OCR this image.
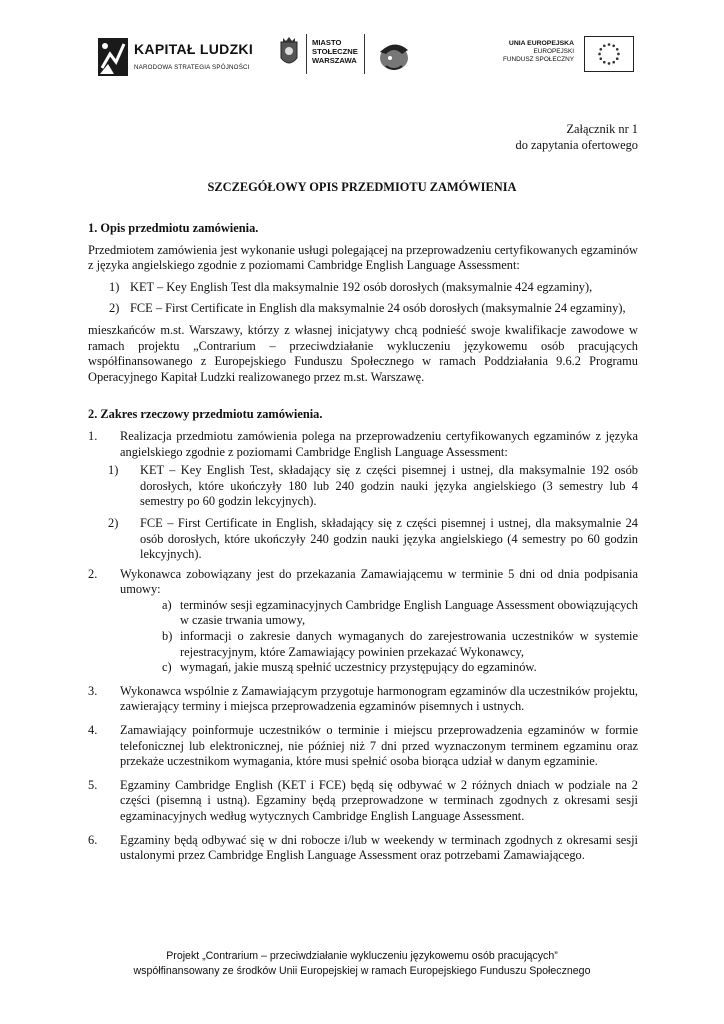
KAPITAŁ LUDZKI
NARODOWA STRATEGIA SPÓJNOŚCI
MIASTO
STOŁECZNE
WARSZAWA
UNIA EUROPEJSKA
EUROPEJSKI
FUNDUSZ SPOŁECZNY
Załącznik nr 1
do zapytania ofertowego
SZCZEGÓŁOWY OPIS PRZEDMIOTU ZAMÓWIENIA

1. Opis przedmiotu zamówienia.

Przedmiotem zamówienia jest wykonanie usługi polegającej na przeprowadzeniu certyfikowanych egzaminów z języka angielskiego zgodnie z poziomami Cambridge English Language Assessment:

1) KET – Key English Test dla maksymalnie 192 osób dorosłych (maksymalnie 424 egzaminy),
2) FCE – First Certificate in English dla maksymalnie 24 osób dorosłych (maksymalnie 24 egzaminy),

mieszkańców m.st. Warszawy, którzy z własnej inicjatywy chcą podnieść swoje kwalifikacje zawodowe w ramach projektu „Contrarium – przeciwdziałanie wykluczeniu językowemu osób pracujących współfinansowanego z Europejskiego Funduszu Społecznego w ramach Poddziałania 9.6.2 Programu Operacyjnego Kapitał Ludzki realizowanego przez m.st. Warszawę.

2. Zakres rzeczowy przedmiotu zamówienia.

1. Realizacja przedmiotu zamówienia polega na przeprowadzeniu certyfikowanych egzaminów z języka angielskiego zgodnie z poziomami Cambridge English Language Assessment:
1) KET – Key English Test, składający się z części pisemnej i ustnej, dla maksymalnie 192 osób dorosłych, które ukończyły 180 lub 240 godzin nauki języka angielskiego (3 semestry lub 4 semestry po 60 godzin lekcyjnych).
2) FCE – First Certificate in English, składający się z części pisemnej i ustnej, dla maksymalnie 24 osób dorosłych, które ukończyły 240 godzin nauki języka angielskiego (4 semestry po 60 godzin lekcyjnych).
2. Wykonawca zobowiązany jest do przekazania Zamawiającemu w terminie 5 dni od dnia podpisania umowy:
a) terminów sesji egzaminacyjnych Cambridge English Language Assessment obowiązujących w czasie trwania umowy,
b) informacji o zakresie danych wymaganych do zarejestrowania uczestników w systemie rejestracyjnym, które Zamawiający powinien przekazać Wykonawcy,
c) wymagań, jakie muszą spełnić uczestnicy przystępujący do egzaminów.
3. Wykonawca wspólnie z Zamawiającym przygotuje harmonogram egzaminów dla uczestników projektu, zawierający terminy i miejsca przeprowadzenia egzaminów pisemnych i ustnych.
4. Zamawiający poinformuje uczestników o terminie i miejscu przeprowadzenia egzaminów w formie telefonicznej lub elektronicznej, nie później niż 7 dni przed wyznaczonym terminem egzaminu oraz przekaże uczestnikom wymagania, które musi spełnić osoba biorąca udział w danym egzaminie.
5. Egzaminy Cambridge English (KET i FCE) będą się odbywać w 2 różnych dniach w podziale na 2 części (pisemną i ustną). Egzaminy będą przeprowadzone w terminach zgodnych z okresami sesji egzaminacyjnych według wytycznych Cambridge English Language Assessment.
6. Egzaminy będą odbywać się w dni robocze i/lub w weekendy w terminach zgodnych z okresami sesji ustalonymi przez Cambridge English Language Assessment oraz potrzebami Zamawiającego.
Projekt „Contrarium – przeciwdziałanie wykluczeniu językowemu osób pracujących”
współfinansowany ze środków Unii Europejskiej w ramach Europejskiego Funduszu Społecznego
